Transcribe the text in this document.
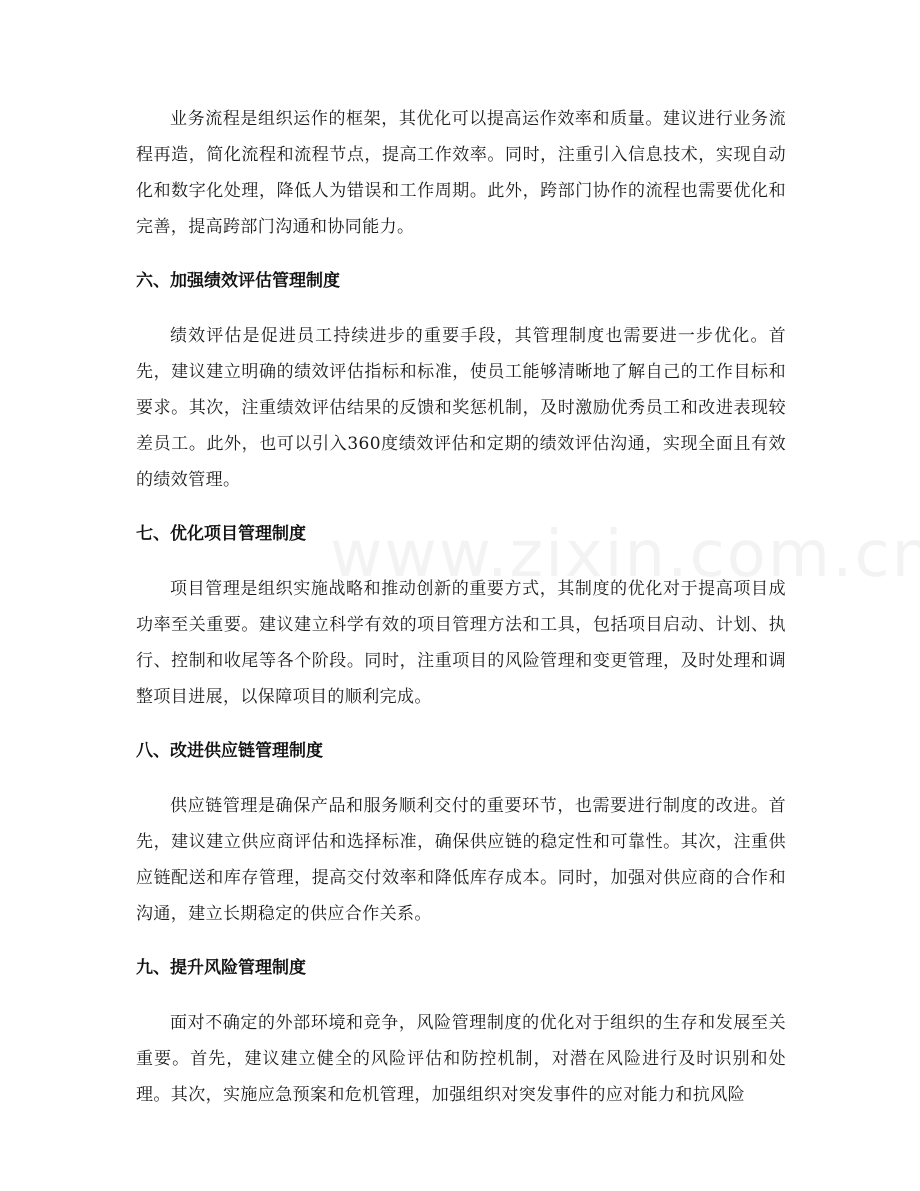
业务流程是组织运作的框架，其优化可以提高运作效率和质量。建议进行业务流程再造，简化流程和流程节点，提高工作效率。同时，注重引入信息技术，实现自动化和数字化处理，降低人为错误和工作周期。此外，跨部门协作的流程也需要优化和完善，提高跨部门沟通和协同能力。

六、加强绩效评估管理制度

绩效评估是促进员工持续进步的重要手段，其管理制度也需要进一步优化。首先，建议建立明确的绩效评估指标和标准，使员工能够清晰地了解自己的工作目标和要求。其次，注重绩效评估结果的反馈和奖惩机制，及时激励优秀员工和改进表现较差员工。此外，也可以引入360度绩效评估和定期的绩效评估沟通，实现全面且有效的绩效管理。

七、优化项目管理制度

项目管理是组织实施战略和推动创新的重要方式，其制度的优化对于提高项目成功率至关重要。建议建立科学有效的项目管理方法和工具，包括项目启动、计划、执行、控制和收尾等各个阶段。同时，注重项目的风险管理和变更管理，及时处理和调整项目进展，以保障项目的顺利完成。

八、改进供应链管理制度

供应链管理是确保产品和服务顺利交付的重要环节，也需要进行制度的改进。首先，建议建立供应商评估和选择标准，确保供应链的稳定性和可靠性。其次，注重供应链配送和库存管理，提高交付效率和降低库存成本。同时，加强对供应商的合作和沟通，建立长期稳定的供应合作关系。

九、提升风险管理制度

面对不确定的外部环境和竞争，风险管理制度的优化对于组织的生存和发展至关重要。首先，建议建立健全的风险评估和防控机制，对潜在风险进行及时识别和处理。其次，实施应急预案和危机管理，加强组织对突发事件的应对能力和抗风险
